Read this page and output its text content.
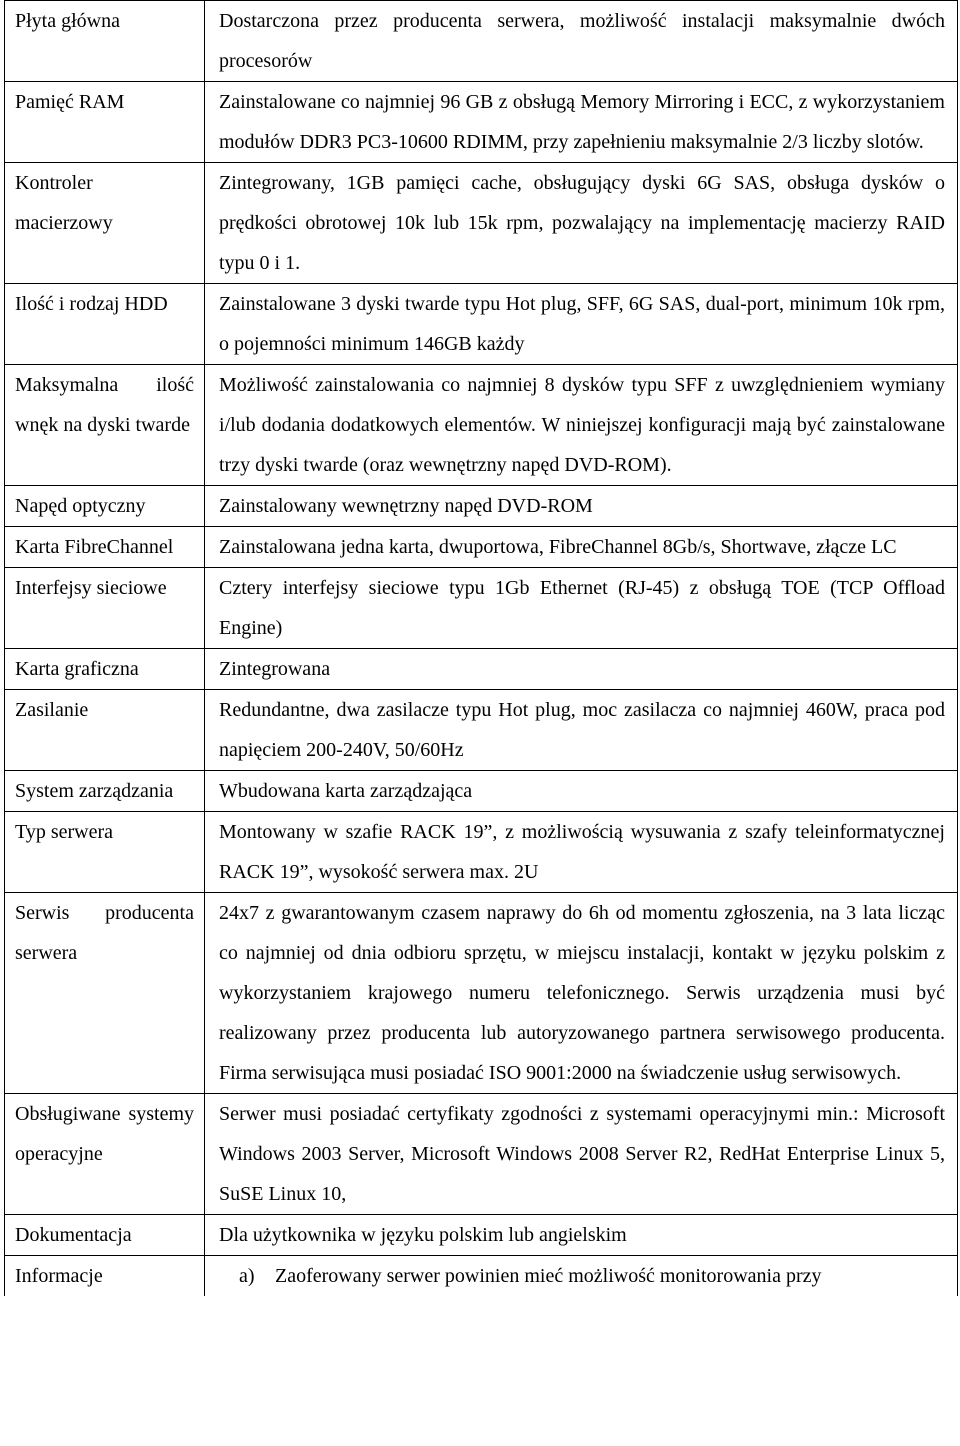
Płyta główna	Dostarczona przez producenta serwera, możliwość instalacji maksymalnie dwóch procesorów
Pamięć RAM	Zainstalowane co najmniej 96 GB z obsługą Memory Mirroring i ECC, z wykorzystaniem modułów DDR3 PC3-10600 RDIMM, przy zapełnieniu maksymalnie 2/3 liczby slotów.
Kontroler macierzowy	Zintegrowany, 1GB pamięci cache, obsługujący dyski 6G SAS, obsługa dysków o prędkości obrotowej 10k lub 15k rpm, pozwalający na implementację macierzy RAID typu 0 i 1.
Ilość i rodzaj HDD	Zainstalowane 3 dyski twarde typu Hot plug, SFF, 6G SAS, dual-port, minimum 10k rpm, o pojemności minimum 146GB każdy
Maksymalna ilość wnęk na dyski twarde	Możliwość zainstalowania co najmniej 8 dysków typu SFF z uwzględnieniem wymiany i/lub dodania dodatkowych elementów. W niniejszej konfiguracji mają być zainstalowane trzy dyski twarde (oraz wewnętrzny napęd DVD-ROM).
Napęd optyczny	Zainstalowany wewnętrzny napęd DVD-ROM
Karta FibreChannel	Zainstalowana jedna karta, dwuportowa, FibreChannel 8Gb/s, Shortwave, złącze LC
Interfejsy sieciowe	Cztery interfejsy sieciowe typu 1Gb Ethernet (RJ-45) z obsługą TOE (TCP Offload Engine)
Karta graficzna	Zintegrowana
Zasilanie	Redundantne, dwa zasilacze typu Hot plug, moc zasilacza co najmniej 460W, praca pod napięciem 200-240V, 50/60Hz
System zarządzania	Wbudowana karta zarządzająca
Typ serwera	Montowany w szafie RACK 19”, z możliwością wysuwania z szafy teleinformatycznej RACK 19”, wysokość serwera max. 2U
Serwis producenta serwera	24x7 z gwarantowanym czasem naprawy do 6h od momentu zgłoszenia, na 3 lata licząc co najmniej od dnia odbioru sprzętu, w miejscu instalacji, kontakt w języku polskim z wykorzystaniem krajowego numeru telefonicznego. Serwis urządzenia musi być realizowany przez producenta lub autoryzowanego partnera serwisowego producenta. Firma serwisująca musi posiadać ISO 9001:2000 na świadczenie usług serwisowych.
Obsługiwane systemy operacyjne	Serwer musi posiadać certyfikaty zgodności z systemami operacyjnymi min.: Microsoft Windows 2003 Server, Microsoft Windows 2008 Server R2, RedHat Enterprise Linux 5, SuSE Linux 10,
Dokumentacja	Dla użytkownika w języku polskim lub angielskim
Informacje	a) Zaoferowany serwer powinien mieć możliwość monitorowania przy
